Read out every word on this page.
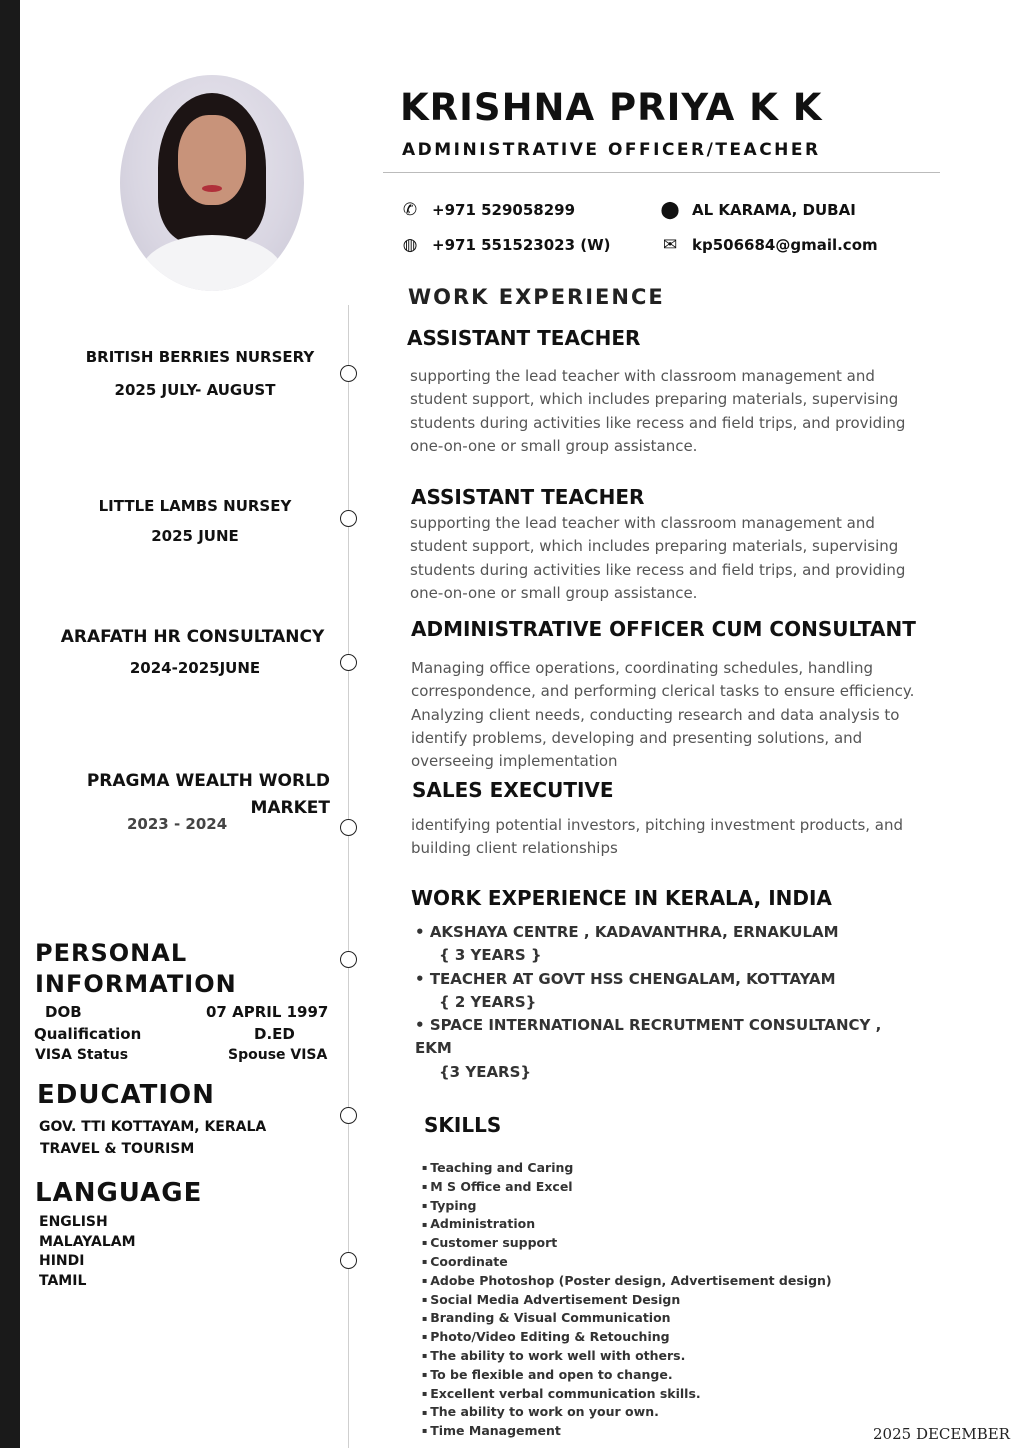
KRISHNA PRIYA K K
ADMINISTRATIVE OFFICER/TEACHER
✆ +971 529058299
◍ +971 551523023 (W)
⬤ AL KARAMA, DUBAI
✉ kp506684@gmail.com
BRITISH BERRIES NURSERY
2025 JULY- AUGUST
LITTLE LAMBS NURSEY
2025 JUNE
ARAFATH HR CONSULTANCY
2024-2025JUNE
PRAGMA WEALTH WORLD MARKET
2023 - 2024
WORK EXPERIENCE
ASSISTANT TEACHER
supporting the lead teacher with classroom management and student support, which includes preparing materials, supervising students during activities like recess and field trips, and providing one-on-one or small group assistance.
ASSISTANT TEACHER
supporting the lead teacher with classroom management and student support, which includes preparing materials, supervising students during activities like recess and field trips, and providing one-on-one or small group assistance.
ADMINISTRATIVE OFFICER CUM CONSULTANT
Managing office operations, coordinating schedules, handling correspondence, and performing clerical tasks to ensure efficiency. Analyzing client needs, conducting research and data analysis to identify problems, developing and presenting solutions, and overseeing implementation
SALES EXECUTIVE
identifying potential investors, pitching investment products, and building client relationships
WORK EXPERIENCE IN KERALA, INDIA
• AKSHAYA CENTRE , KADAVANTHRA, ERNAKULAM
{ 3 YEARS }
• TEACHER AT GOVT HSS CHENGALAM, KOTTAYAM
{ 2 YEARS}
• SPACE INTERNATIONAL RECRUTMENT CONSULTANCY , EKM
{3 YEARS}
PERSONAL INFORMATION
DOB	07 APRIL 1997
Qualification	D.ED
VISA Status	Spouse VISA
EDUCATION
GOV. TTI KOTTAYAM, KERALA
TRAVEL & TOURISM
LANGUAGE
ENGLISH
MALAYALAM
HINDI
TAMIL
SKILLS
▪ Teaching and Caring
▪ M S Office and Excel
▪ Typing
▪ Administration
▪ Customer support
▪ Coordinate
▪ Adobe Photoshop (Poster design, Advertisement design)
▪ Social Media Advertisement Design
▪ Branding & Visual Communication
▪ Photo/Video Editing & Retouching
▪ The ability to work well with others.
▪ To be flexible and open to change.
▪ Excellent verbal communication skills.
▪ The ability to work on your own.
▪ Time Management	2025 DECEMBER
